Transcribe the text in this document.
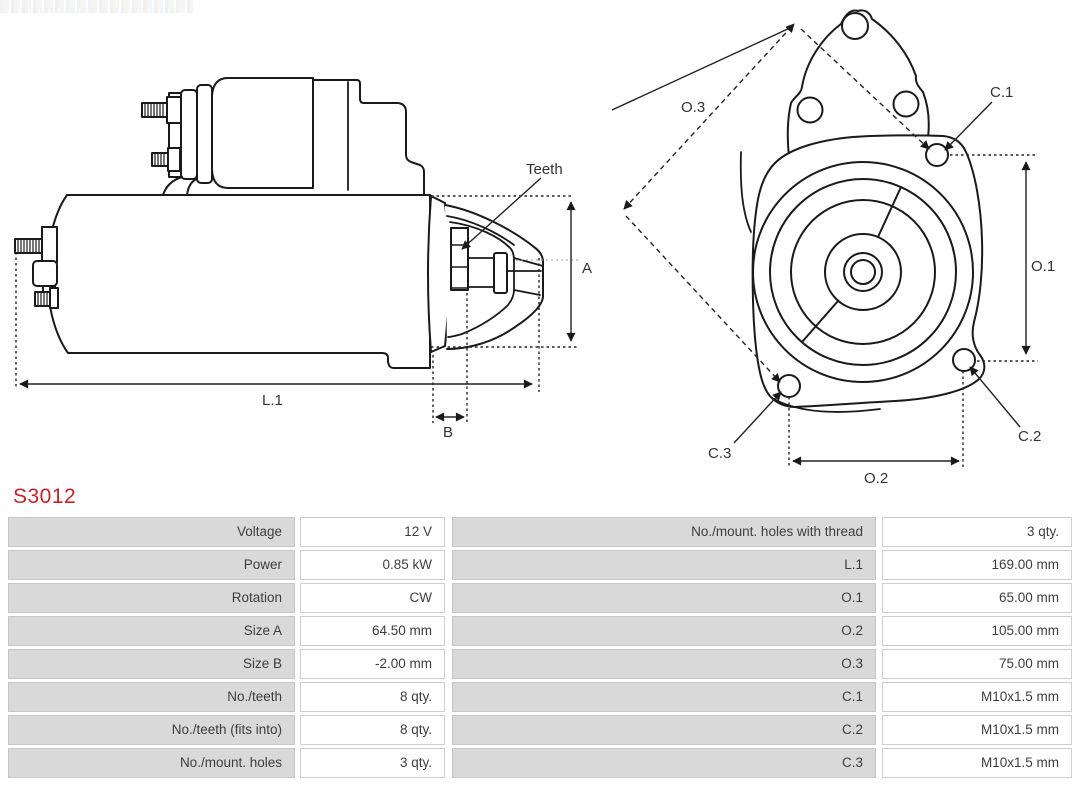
Teeth
A
L.1
B
O.3
C.1
O.1
C.2
C.3
O.2
S3012
Voltage	12 V	No./mount. holes with thread	3 qty.
Power	0.85 kW	L.1	169.00 mm
Rotation	CW	O.1	65.00 mm
Size A	64.50 mm	O.2	105.00 mm
Size B	-2.00 mm	O.3	75.00 mm
No./teeth	8 qty.	C.1	M10x1.5 mm
No./teeth (fits into)	8 qty.	C.2	M10x1.5 mm
No./mount. holes	3 qty.	C.3	M10x1.5 mm
